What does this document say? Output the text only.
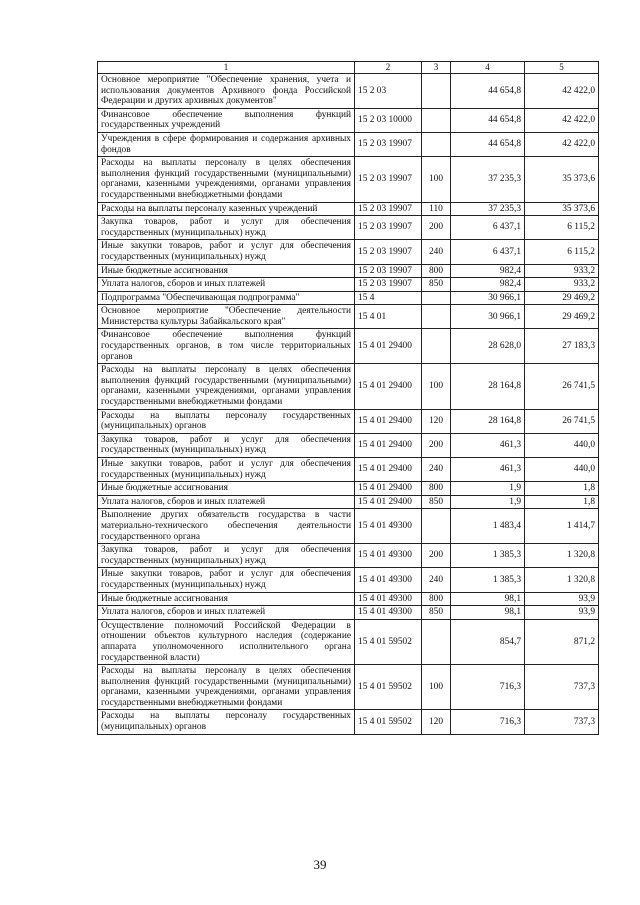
1	2	3	4	5
Основное мероприятие "Обеспечение хранения, учета и использования документов Архивного фонда Российской Федерации и других архивных документов"	15 2 03		44 654,8	42 422,0
Финансовое обеспечение выполнения функций государственных учреждений	15 2 03 10000		44 654,8	42 422,0
Учреждения в сфере формирования и содержания архивных фондов	15 2 03 19907		44 654,8	42 422,0
Расходы на выплаты персоналу в целях обеспечения выполнения функций государственными (муниципальными) органами, казенными учреждениями, органами управления государственными внебюджетными фондами	15 2 03 19907	100	37 235,3	35 373,6
Расходы на выплаты персоналу казенных учреждений	15 2 03 19907	110	37 235,3	35 373,6
Закупка товаров, работ и услуг для обеспечения государственных (муниципальных) нужд	15 2 03 19907	200	6 437,1	6 115,2
Иные закупки товаров, работ и услуг для обеспечения государственных (муниципальных) нужд	15 2 03 19907	240	6 437,1	6 115,2
Иные бюджетные ассигнования	15 2 03 19907	800	982,4	933,2
Уплата налогов, сборов и иных платежей	15 2 03 19907	850	982,4	933,2
Подпрограмма "Обеспечивающая подпрограмма"	15 4		30 966,1	29 469,2
Основное мероприятие "Обеспечение деятельности Министерства культуры Забайкальского края"	15 4 01		30 966,1	29 469,2
Финансовое обеспечение выполнения функций государственных органов, в том числе территориальных органов	15 4 01 29400		28 628,0	27 183,3
Расходы на выплаты персоналу в целях обеспечения выполнения функций государственными (муниципальными) органами, казенными учреждениями, органами управления государственными внебюджетными фондами	15 4 01 29400	100	28 164,8	26 741,5
Расходы на выплаты персоналу государственных (муниципальных) органов	15 4 01 29400	120	28 164,8	26 741,5
Закупка товаров, работ и услуг для обеспечения государственных (муниципальных) нужд	15 4 01 29400	200	461,3	440,0
Иные закупки товаров, работ и услуг для обеспечения государственных (муниципальных) нужд	15 4 01 29400	240	461,3	440,0
Иные бюджетные ассигнования	15 4 01 29400	800	1,9	1,8
Уплата налогов, сборов и иных платежей	15 4 01 29400	850	1,9	1,8
Выполнение других обязательств государства в части материально-технического обеспечения деятельности государственного органа	15 4 01 49300		1 483,4	1 414,7
Закупка товаров, работ и услуг для обеспечения государственных (муниципальных) нужд	15 4 01 49300	200	1 385,3	1 320,8
Иные закупки товаров, работ и услуг для обеспечения государственных (муниципальных) нужд	15 4 01 49300	240	1 385,3	1 320,8
Иные бюджетные ассигнования	15 4 01 49300	800	98,1	93,9
Уплата налогов, сборов и иных платежей	15 4 01 49300	850	98,1	93,9
Осуществление полномочий Российской Федерации в отношении объектов культурного наследия (содержание аппарата уполномоченного исполнительного органа государственной власти)	15 4 01 59502		854,7	871,2
Расходы на выплаты персоналу в целях обеспечения выполнения функций государственными (муниципальными) органами, казенными учреждениями, органами управления государственными внебюджетными фондами	15 4 01 59502	100	716,3	737,3
Расходы на выплаты персоналу государственных (муниципальных) органов	15 4 01 59502	120	716,3	737,3
39
